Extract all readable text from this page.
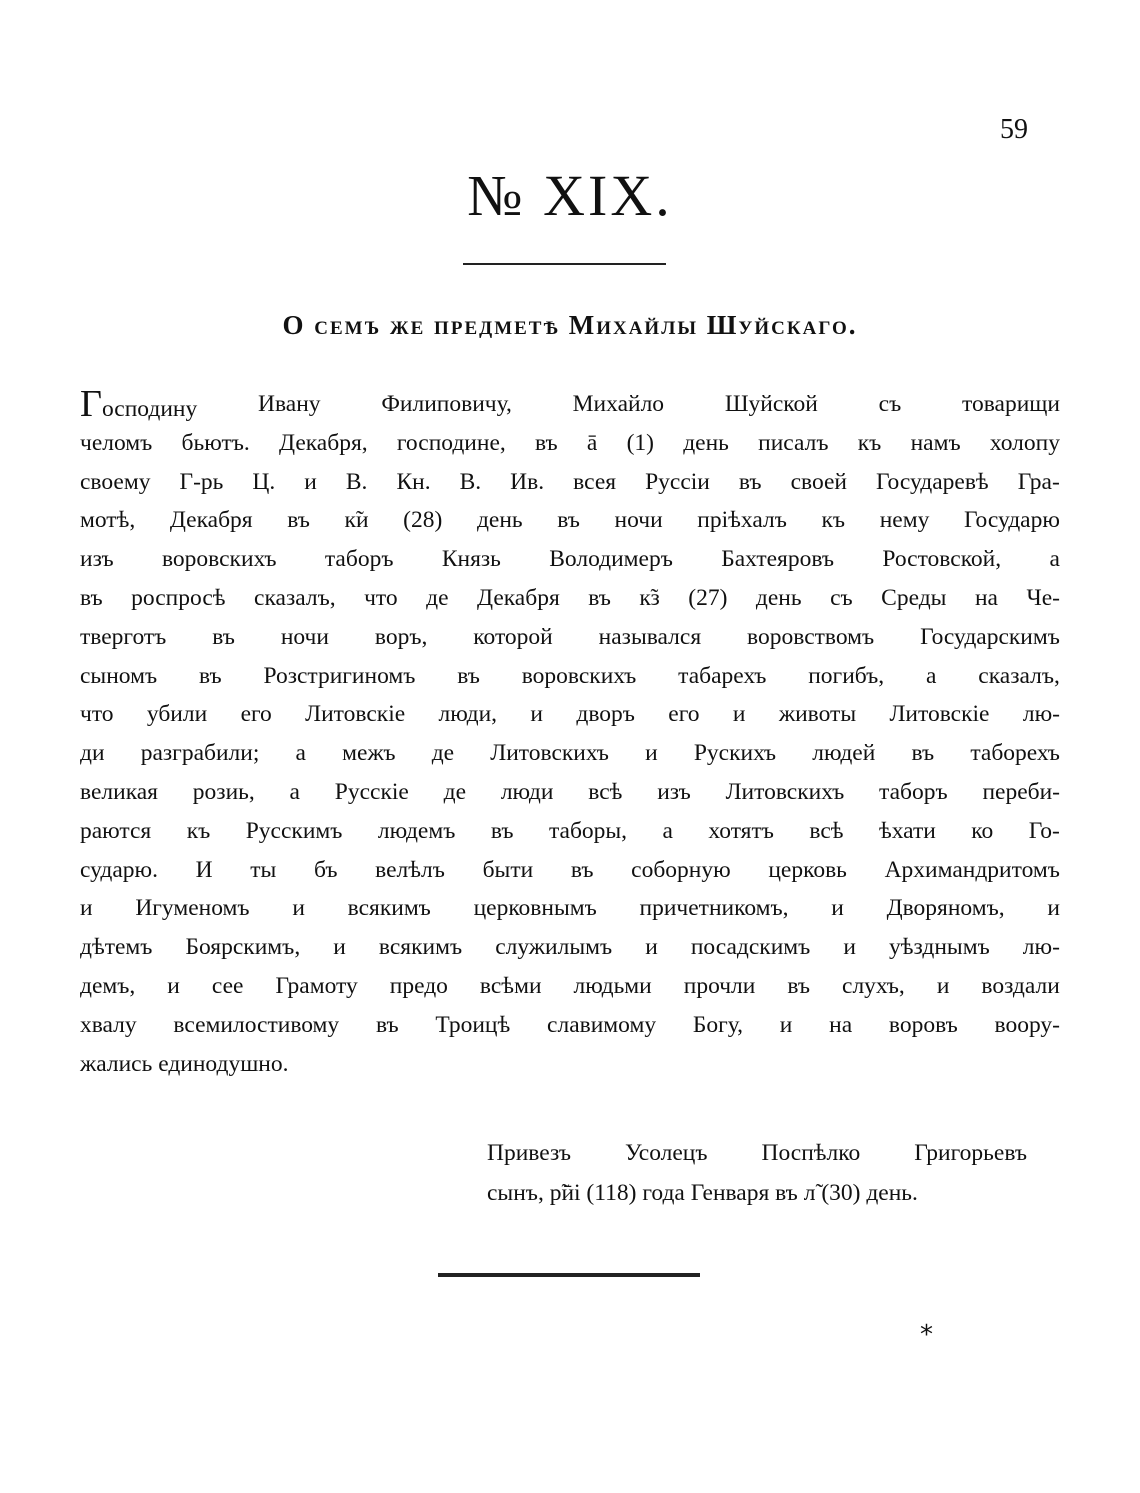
59
№ XIX.
О семъ же предметѣ Михайлы Шуйскаго.
Господину	Ивану	Филиповичу,	Михайло	Шуйской	съ	товарищи
челомъ бьютъ. Декабря, господине, въ ā (1) день писалъ къ намъ холопу
своему Г-рь Ц. и В. Кн. В. Ив. всея Руссіи въ своей Государевѣ Гра-
мотѣ, Декабря въ к̃и (28) день въ ночи пріѣхалъ къ нему Государю
изъ воровскихъ таборъ Князь Володимеръ Бахтеяровъ Ростовской, а
въ роспросѣ сказалъ, что де Декабря въ к̃з (27) день съ Среды на Че-
тверготъ въ ночи воръ, которой назывался воровствомъ Государскимъ
сыномъ въ Розстригиномъ въ воровскихъ табарехъ погибъ, а сказалъ,
что убили его Литовскіе люди, и дворъ его и животы Литовскіе лю-
ди разграбили; а межъ де Литовскихъ и Рускихъ людей въ таборехъ
великая розиь, а Русскіе де люди всѣ изъ Литовскихъ таборъ переби-
раются къ Русскимъ людемъ въ таборы, а хотятъ всѣ ѣхати ко Го-
сударю. И ты бъ велѣлъ быти въ соборную церковь Архимандритомъ
и Игуменомъ и всякимъ церковнымъ причетникомъ, и Дворяномъ, и
дѣтемъ Боярскимъ, и всякимъ служилымъ и посадскимъ и уѣзднымъ лю-
демъ, и сее Грамоту предо всѣми людьми прочли въ слухъ, и воздали
хвалу всемилостивому въ Троицѣ славимому Богу, и на воровъ воору-
жались единодушно.
Привезъ Усолецъ Поспѣлко Григорьевъ
сынъ, р̃ӣі (118) года Генваря въ л̃ (30) день.
*
